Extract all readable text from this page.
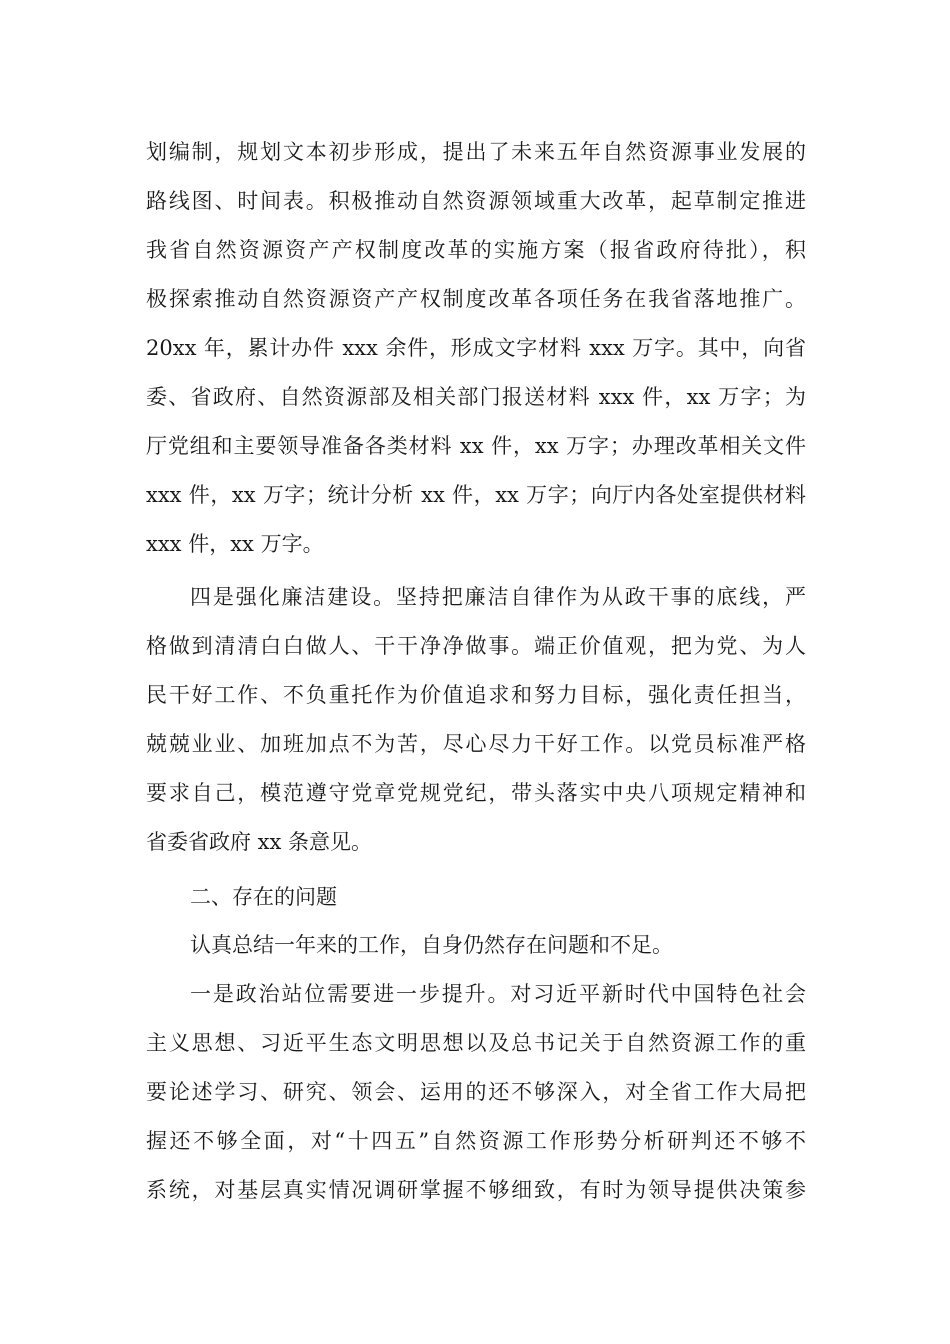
划编制，规划文本初步形成，提出了未来五年自然资源事业发展的
路线图、时间表。积极推动自然资源领域重大改革，起草制定推进
我省自然资源资产产权制度改革的实施方案（报省政府待批），积
极探索推动自然资源资产产权制度改革各项任务在我省落地推广。
20xx 年，累计办件 xxx 余件，形成文字材料 xxx 万字。其中，向省
委、省政府、自然资源部及相关部门报送材料 xxx 件，xx 万字；为
厅党组和主要领导准备各类材料 xx 件，xx 万字；办理改革相关文件
xxx 件，xx 万字；统计分析 xx 件，xx 万字；向厅内各处室提供材料
xxx 件，xx 万字。
四是强化廉洁建设。坚持把廉洁自律作为从政干事的底线，严
格做到清清白白做人、干干净净做事。端正价值观，把为党、为人
民干好工作、不负重托作为价值追求和努力目标，强化责任担当，
兢兢业业、加班加点不为苦，尽心尽力干好工作。以党员标准严格
要求自己，模范遵守党章党规党纪，带头落实中央八项规定精神和
省委省政府 xx 条意见。
二、存在的问题
认真总结一年来的工作，自身仍然存在问题和不足。
一是政治站位需要进一步提升。对习近平新时代中国特色社会
主义思想、习近平生态文明思想以及总书记关于自然资源工作的重
要论述学习、研究、领会、运用的还不够深入，对全省工作大局把
握还不够全面，对“十四五”自然资源工作形势分析研判还不够不
系统，对基层真实情况调研掌握不够细致，有时为领导提供决策参
